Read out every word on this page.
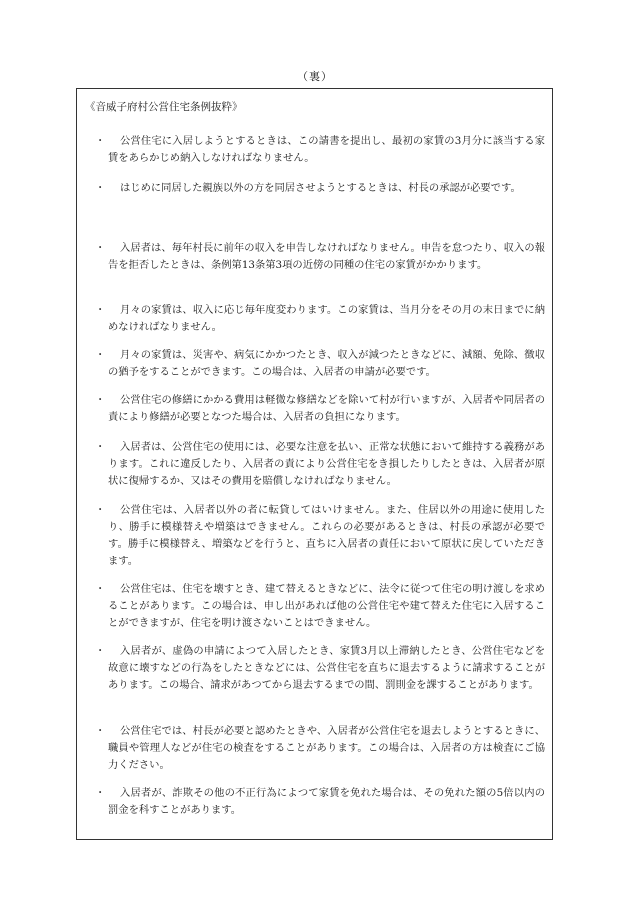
（裏）
《音威子府村公営住宅条例抜粋》
・	公営住宅に入居しようとするときは、この請書を提出し、最初の家賃の3月分に該当する家賃をあらかじめ納入しなければなりません。
・	はじめに同居した親族以外の方を同居させようとするときは、村長の承認が必要です。
・	入居者は、毎年村長に前年の収入を申告しなければなりません。申告を怠つたり、収入の報告を拒否したときは、条例第13条第3項の近傍の同種の住宅の家賃がかかります。
・	月々の家賃は、収入に応じ毎年度変わります。この家賃は、当月分をその月の末日までに納めなければなりません。
・	月々の家賃は、災害や、病気にかかつたとき、収入が減つたときなどに、減額、免除、徴収の猶予をすることができます。この場合は、入居者の申請が必要です。
・	公営住宅の修繕にかかる費用は軽微な修繕などを除いて村が行いますが、入居者や同居者の責により修繕が必要となつた場合は、入居者の負担になります。
・	入居者は、公営住宅の使用には、必要な注意を払い、正常な状態において維持する義務があります。これに違反したり、入居者の責により公営住宅をき損したりしたときは、入居者が原状に復帰するか、又はその費用を賠償しなければなりません。
・	公営住宅は、入居者以外の者に転貸してはいけません。また、住居以外の用途に使用したり、勝手に模様替えや増築はできません。これらの必要があるときは、村長の承認が必要です。勝手に模様替え、増築などを行うと、直ちに入居者の責任において原状に戻していただきます。
・	公営住宅は、住宅を壊すとき、建て替えるときなどに、法令に従つて住宅の明け渡しを求めることがあります。この場合は、申し出があれば他の公営住宅や建て替えた住宅に入居することができますが、住宅を明け渡さないことはできません。
・	入居者が、虚偽の申請によつて入居したとき、家賃3月以上滞納したとき、公営住宅などを故意に壊すなどの行為をしたときなどには、公営住宅を直ちに退去するように請求することがあります。この場合、請求があつてから退去するまでの間、罰則金を課することがあります。
・	公営住宅では、村長が必要と認めたときや、入居者が公営住宅を退去しようとするときに、職員や管理人などが住宅の検査をすることがあります。この場合は、入居者の方は検査にご協力ください。
・	入居者が、詐欺その他の不正行為によつて家賃を免れた場合は、その免れた額の5倍以内の罰金を科すことがあります。
